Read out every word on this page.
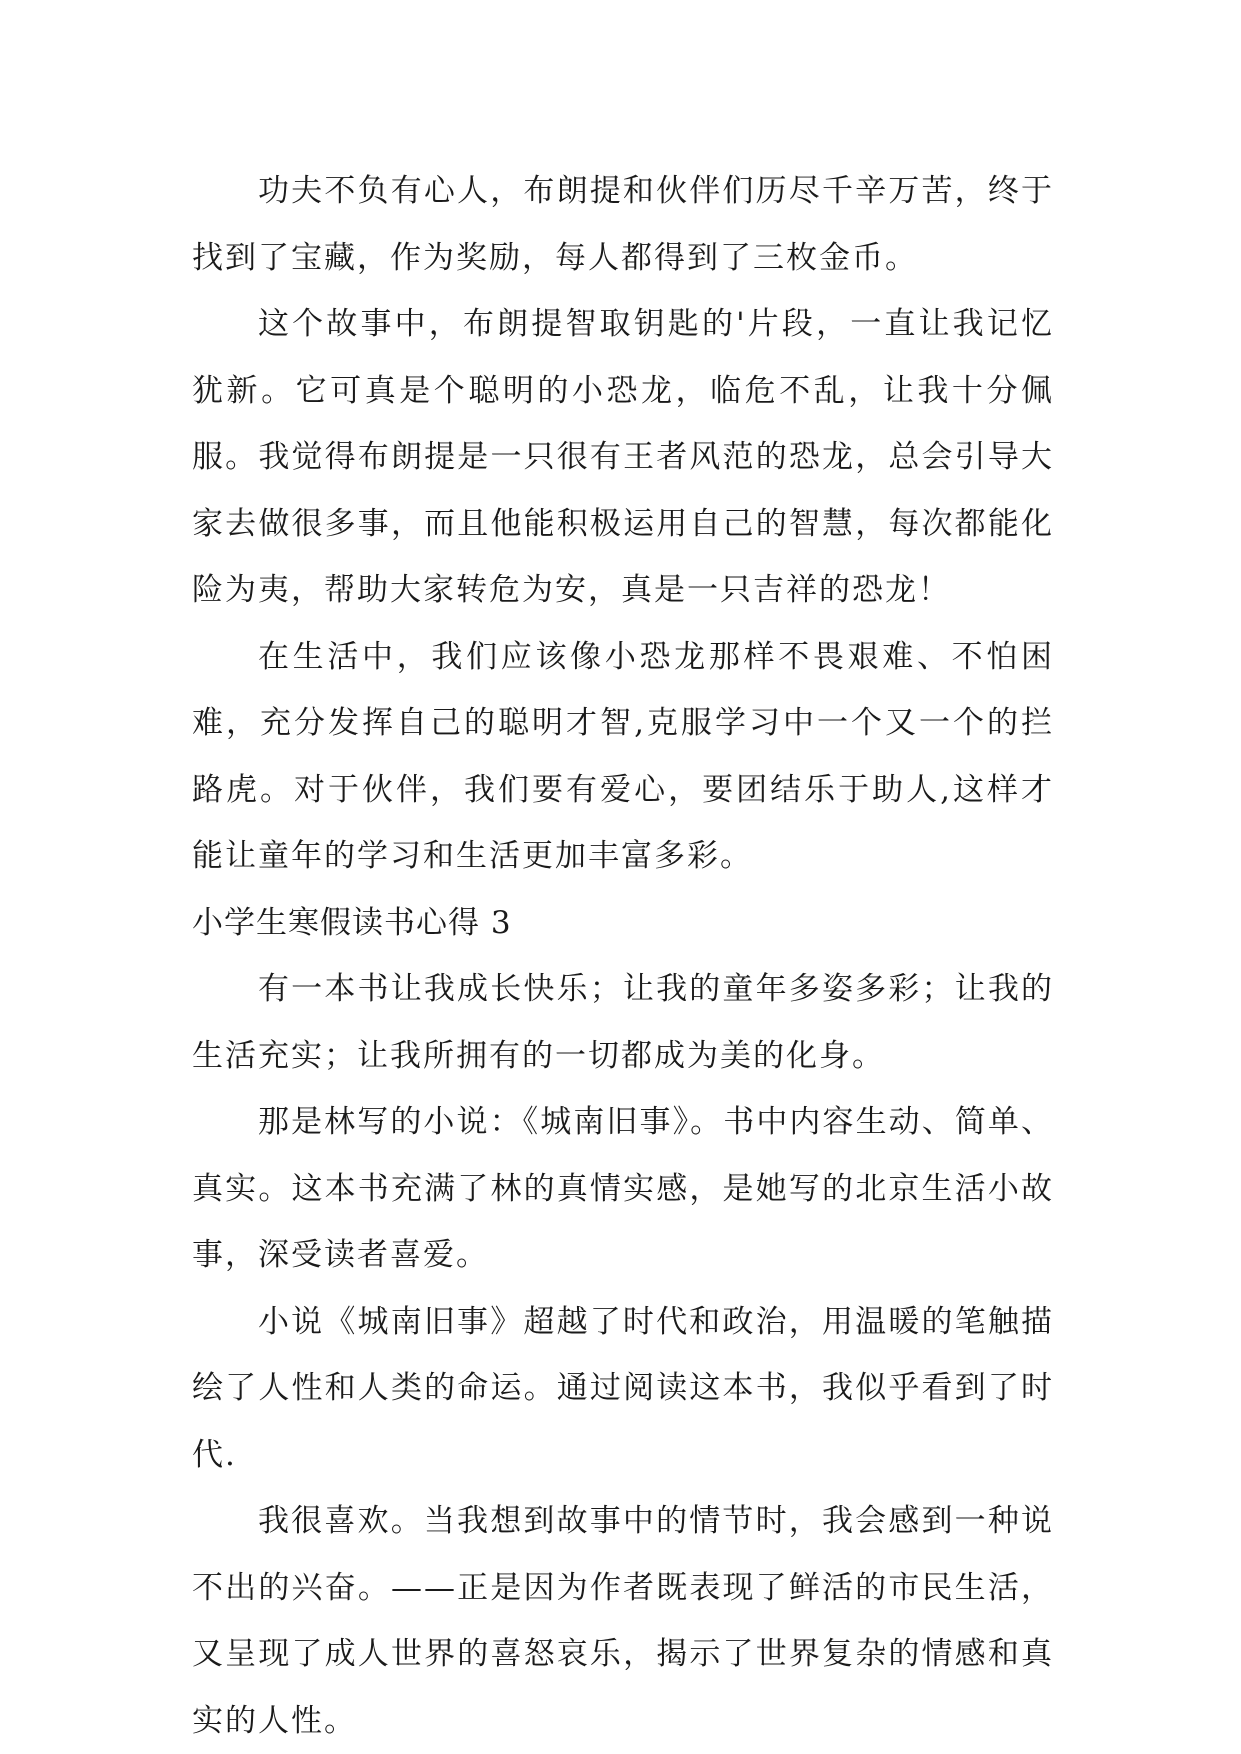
功夫不负有心人，布朗提和伙伴们历尽千辛万苦，终于找到了宝藏，作为奖励，每人都得到了三枚金币。

这个故事中，布朗提智取钥匙的'片段，一直让我记忆犹新。它可真是个聪明的小恐龙，临危不乱，让我十分佩服。我觉得布朗提是一只很有王者风范的恐龙，总会引导大家去做很多事，而且他能积极运用自己的智慧，每次都能化险为夷，帮助大家转危为安，真是一只吉祥的恐龙！

在生活中，我们应该像小恐龙那样不畏艰难、不怕困难，充分发挥自己的聪明才智,克服学习中一个又一个的拦路虎。对于伙伴，我们要有爱心，要团结乐于助人,这样才能让童年的学习和生活更加丰富多彩。

小学生寒假读书心得 3

有一本书让我成长快乐；让我的童年多姿多彩；让我的生活充实；让我所拥有的一切都成为美的化身。

那是林写的小说：《城南旧事》。书中内容生动、简单、真实。这本书充满了林的真情实感，是她写的北京生活小故事，深受读者喜爱。

小说《城南旧事》超越了时代和政治，用温暖的笔触描绘了人性和人类的命运。通过阅读这本书，我似乎看到了时代.

我很喜欢。当我想到故事中的情节时，我会感到一种说不出的兴奋。——正是因为作者既表现了鲜活的市民生活，又呈现了成人世界的喜怒哀乐，揭示了世界复杂的情感和真实的人性。
